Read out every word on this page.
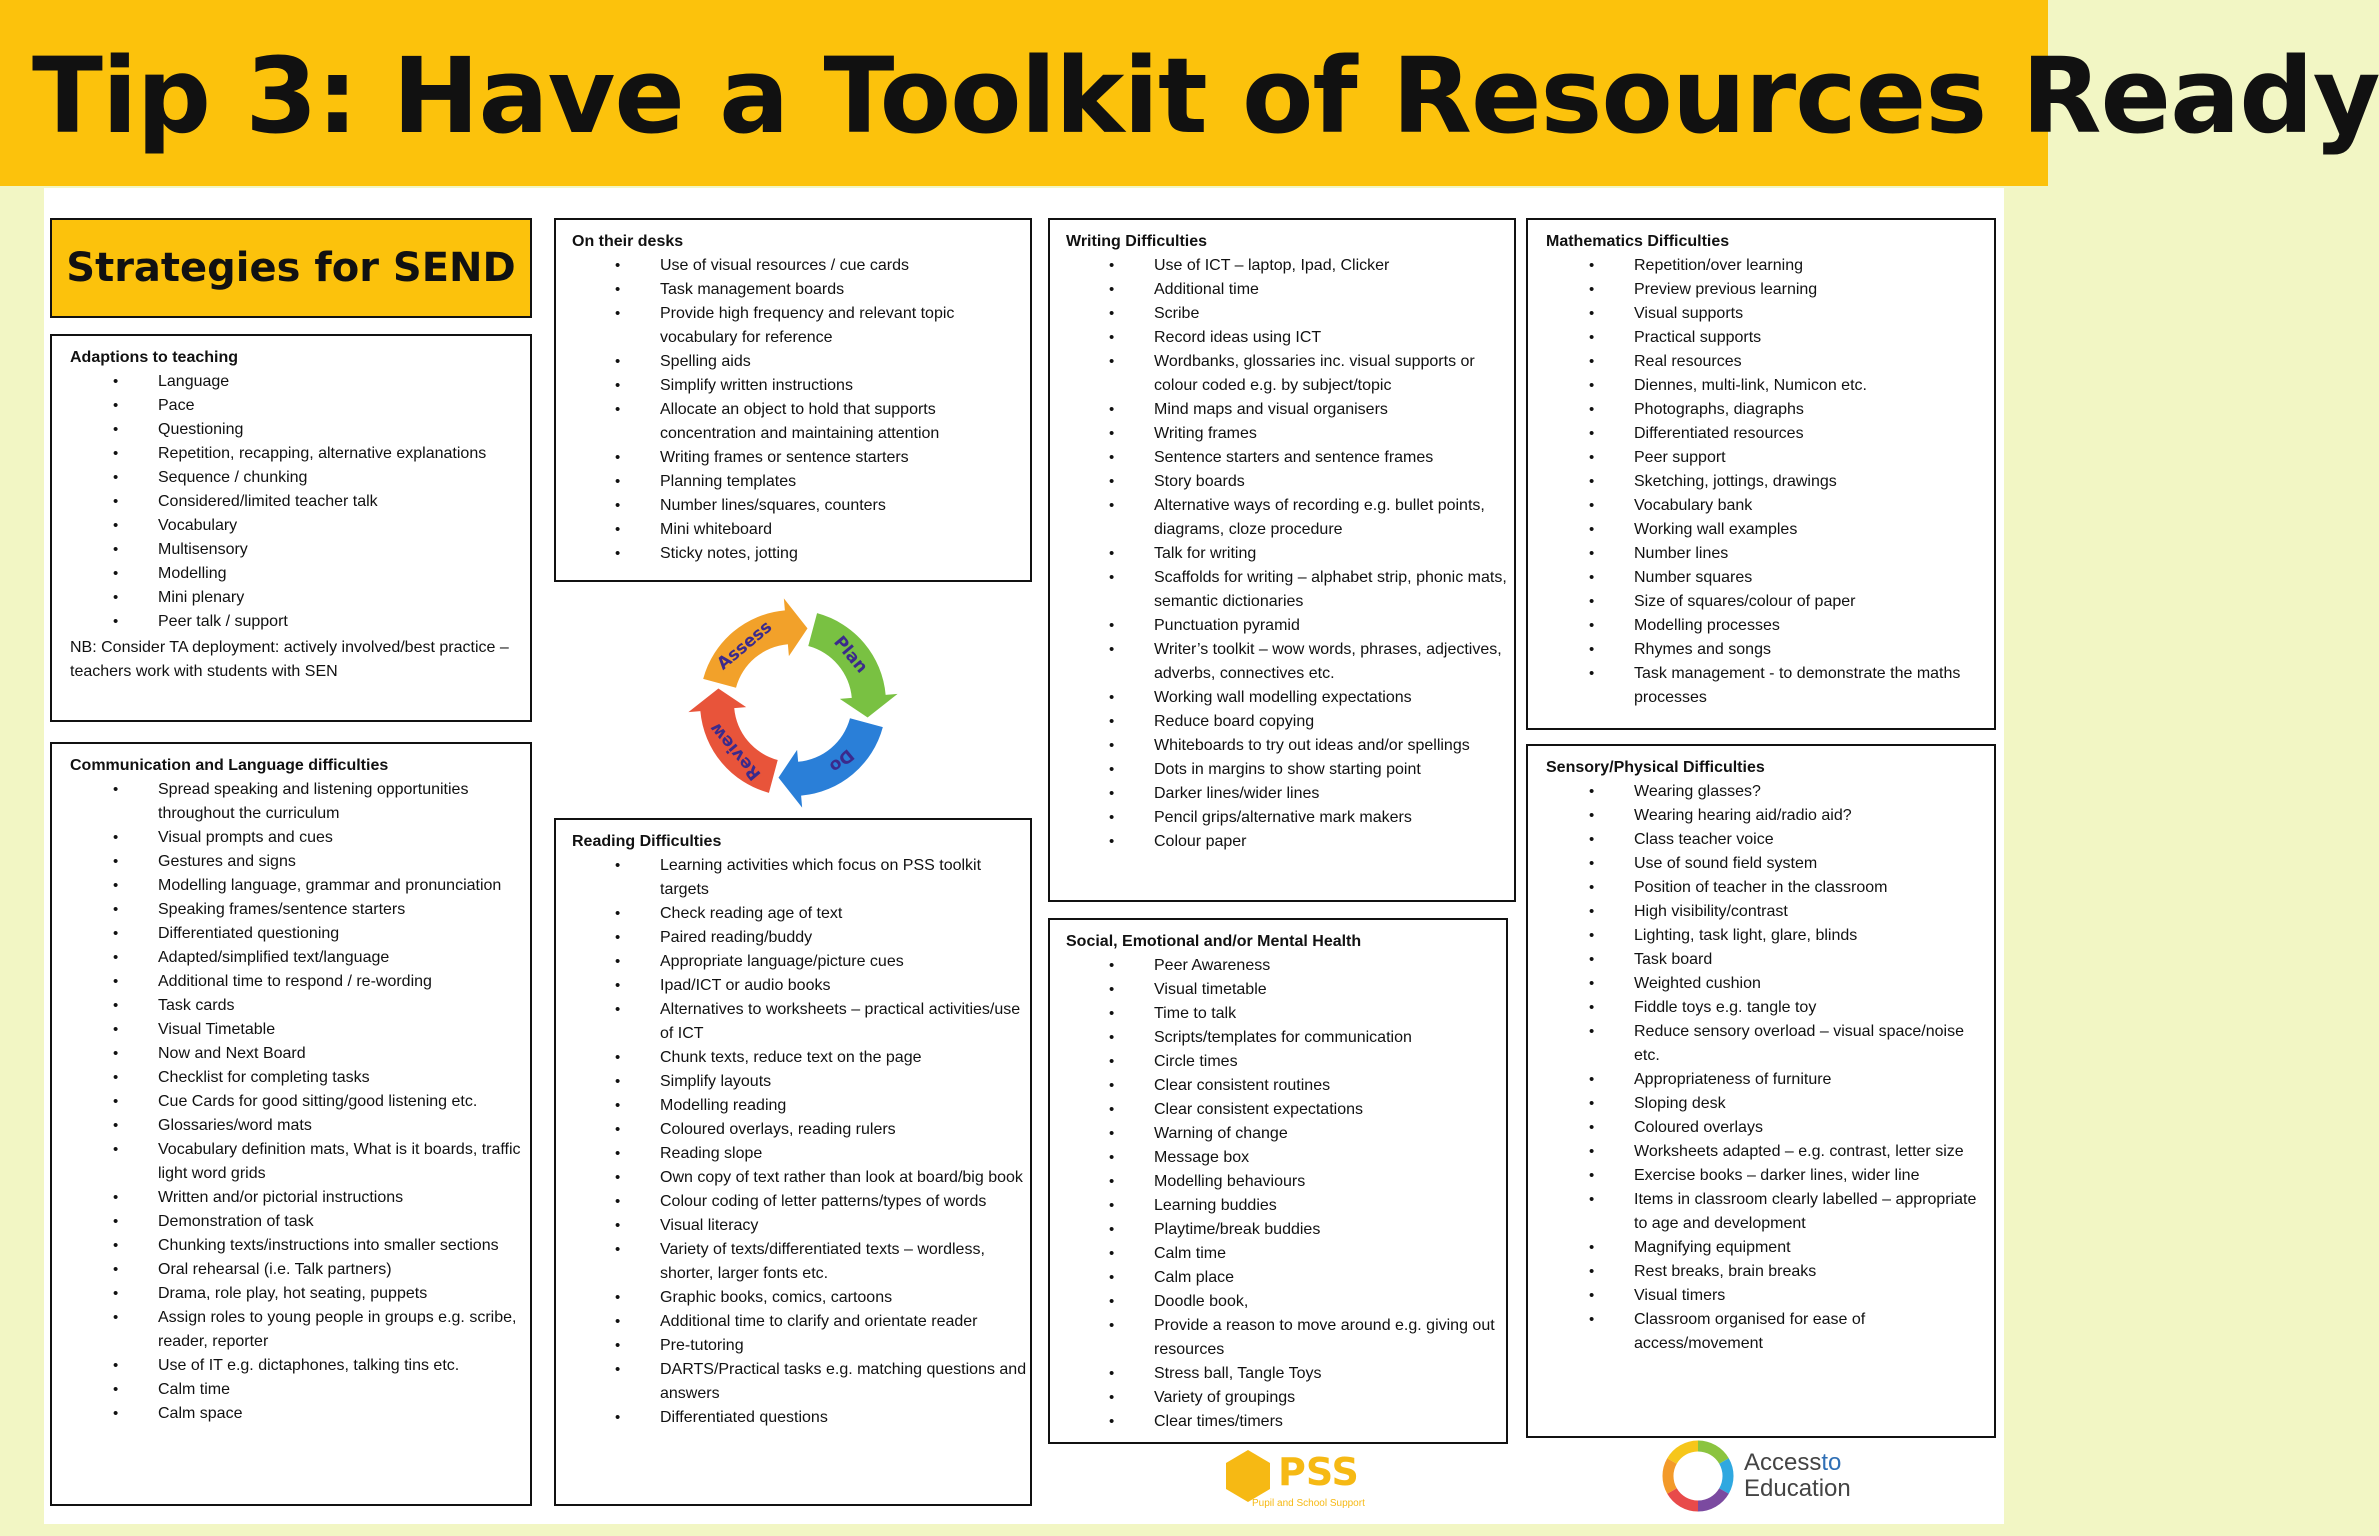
Tip 3: Have a Toolkit of Resources Ready
Strategies for SEND
Adaptions to teaching
• Language
• Pace
• Questioning
• Repetition, recapping, alternative explanations
• Sequence / chunking
• Considered/limited teacher talk
• Vocabulary
• Multisensory
• Modelling
• Mini plenary
• Peer talk / support

NB: Consider TA deployment: actively involved/best practice – teachers work with students with SEN

Communication and Language difficulties
• Spread speaking and listening opportunities throughout the curriculum
• Visual prompts and cues
• Gestures and signs
• Modelling language, grammar and pronunciation
• Speaking frames/sentence starters
• Differentiated questioning
• Adapted/simplified text/language
• Additional time to respond / re-wording
• Task cards
• Visual Timetable
• Now and Next Board
• Checklist for completing tasks
• Cue Cards for good sitting/good listening etc.
• Glossaries/word mats
• Vocabulary definition mats, What is it boards, traffic light word grids
• Written and/or pictorial instructions
• Demonstration of task
• Chunking texts/instructions into smaller sections
• Oral rehearsal (i.e. Talk partners)
• Drama, role play, hot seating, puppets
• Assign roles to young people in groups e.g. scribe, reader, reporter
• Use of IT e.g. dictaphones, talking tins etc.
• Calm time
• Calm space
On their desks
• Use of visual resources / cue cards
• Task management boards
• Provide high frequency and relevant topic vocabulary for reference
• Spelling aids
• Simplify written instructions
• Allocate an object to hold that supports concentration and maintaining attention
• Writing frames or sentence starters
• Planning templates
• Number lines/squares, counters
• Mini whiteboard
• Sticky notes, jotting
Assess	Plan
Do
Review
Reading Difficulties
• Learning activities which focus on PSS toolkit targets
• Check reading age of text
• Paired reading/buddy
• Appropriate language/picture cues
• Ipad/ICT or audio books
• Alternatives to worksheets – practical activities/use of ICT
• Chunk texts, reduce text on the page
• Simplify layouts
• Modelling reading
• Coloured overlays, reading rulers
• Reading slope
• Own copy of text rather than look at board/big book
• Colour coding of letter patterns/types of words
• Visual literacy
• Variety of texts/differentiated texts – wordless, shorter, larger fonts etc.
• Graphic books, comics, cartoons
• Additional time to clarify and orientate reader
• Pre-tutoring
• DARTS/Practical tasks e.g. matching questions and answers
• Differentiated questions
Writing Difficulties
• Use of ICT – laptop, Ipad, Clicker
• Additional time
• Scribe
• Record ideas using ICT
• Wordbanks, glossaries inc. visual supports or colour coded e.g. by subject/topic
• Mind maps and visual organisers
• Writing frames
• Sentence starters and sentence frames
• Story boards
• Alternative ways of recording e.g. bullet points, diagrams, cloze procedure
• Talk for writing
• Scaffolds for writing – alphabet strip, phonic mats, semantic dictionaries
• Punctuation pyramid
• Writer’s toolkit – wow words, phrases, adjectives, adverbs, connectives etc.
• Working wall modelling expectations
• Reduce board copying
• Whiteboards to try out ideas and/or spellings
• Dots in margins to show starting point
• Darker lines/wider lines
• Pencil grips/alternative mark makers
• Colour paper
Social, Emotional and/or Mental Health
• Peer Awareness
• Visual timetable
• Time to talk
• Scripts/templates for communication
• Circle times
• Clear consistent routines
• Clear consistent expectations
• Warning of change
• Message box
• Modelling behaviours
• Learning buddies
• Playtime/break buddies
• Calm time
• Calm place
• Doodle book,
• Provide a reason to move around e.g. giving out resources
• Stress ball, Tangle Toys
• Variety of groupings
• Clear times/timers
Mathematics Difficulties
• Repetition/over learning
• Preview previous learning
• Visual supports
• Practical supports
• Real resources
• Diennes, multi-link, Numicon etc.
• Photographs, diagraphs
• Differentiated resources
• Peer support
• Sketching, jottings, drawings
• Vocabulary bank
• Working wall examples
• Number lines
• Number squares
• Size of squares/colour of paper
• Modelling processes
• Rhymes and songs
• Task management - to demonstrate the maths processes
Sensory/Physical Difficulties
• Wearing glasses?
• Wearing hearing aid/radio aid?
• Class teacher voice
• Use of sound field system
• Position of teacher in the classroom
• High visibility/contrast
• Lighting, task light, glare, blinds
• Task board
• Weighted cushion
• Fiddle toys e.g. tangle toy
• Reduce sensory overload – visual space/noise etc.
• Appropriateness of furniture
• Sloping desk
• Coloured overlays
• Worksheets adapted – e.g. contrast, letter size
• Exercise books – darker lines, wider line
• Items in classroom clearly labelled – appropriate to age and development
• Magnifying equipment
• Rest breaks, brain breaks
• Visual timers
• Classroom organised for ease of access/movement
PSS
Pupil and School Support
Accessto
Education
